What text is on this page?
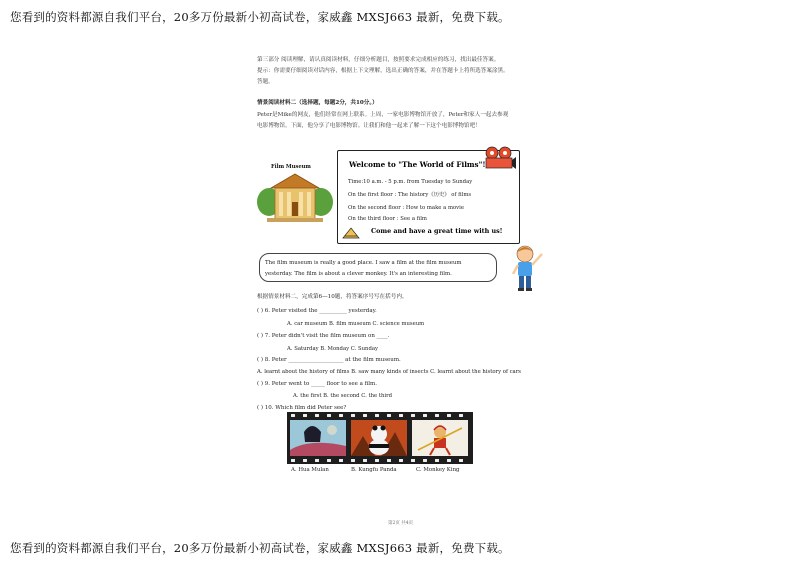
您看到的资料都源自我们平台，20多万份最新小初高试卷，家威鑫 MXSJ663 最新，免费下载。
第三部分 阅读理解，请认真阅读材料，仔细分析题目，按照要求完成相应的练习，找出最佳答案。
提示：你需要仔细阅读对话内容，根据上下文理解，选出正确的答案，并在答题卡上将所选答案涂黑。
答题。
情景阅读材料二（选择题，每题2分，共10分。）
Peter是Mike的网友，他们经常在网上联系。上周，一家电影博物馆开放了，Peter和家人一起去参观
电影博物馆。下面，他分享了电影博物馆。让我们和他一起来了解一下这个电影博物馆吧！
Film Museum	Welcome to "The World of Films"!
Time:10 a.m. - 5 p.m. from Tuesday to Sunday
On the first floor : The history《历史》 of films
On the second floor : How to make a movie
On the third floor : See a film
Come and have a great time with us!
The film museum is really a good place. I saw a film at the film museum
yesterday. The film is about a clever monkey. It's an interesting film.
根据情景材料二，完成第6—10题，将答案序号写在括号内。
( ) 6. Peter visited the __________ yesterday.
A. car museum B. film museum C. science museum
( ) 7. Peter didn't visit the film museum on ____.
A. Saturday B. Monday C. Sunday
( ) 8. Peter ____________________ at the film museum.
A. learnt about the history of films B. saw many kinds of insects C. learnt about the history of cars
( ) 9. Peter went to _____ floor to see a film.
A. the first B. the second C. the third
( ) 10. Which film did Peter see?
A. Hua Mulan	B. Kungfu Panda	C. Monkey King
第2页 共4页
您看到的资料都源自我们平台，20多万份最新小初高试卷，家威鑫 MXSJ663 最新，免费下载。
